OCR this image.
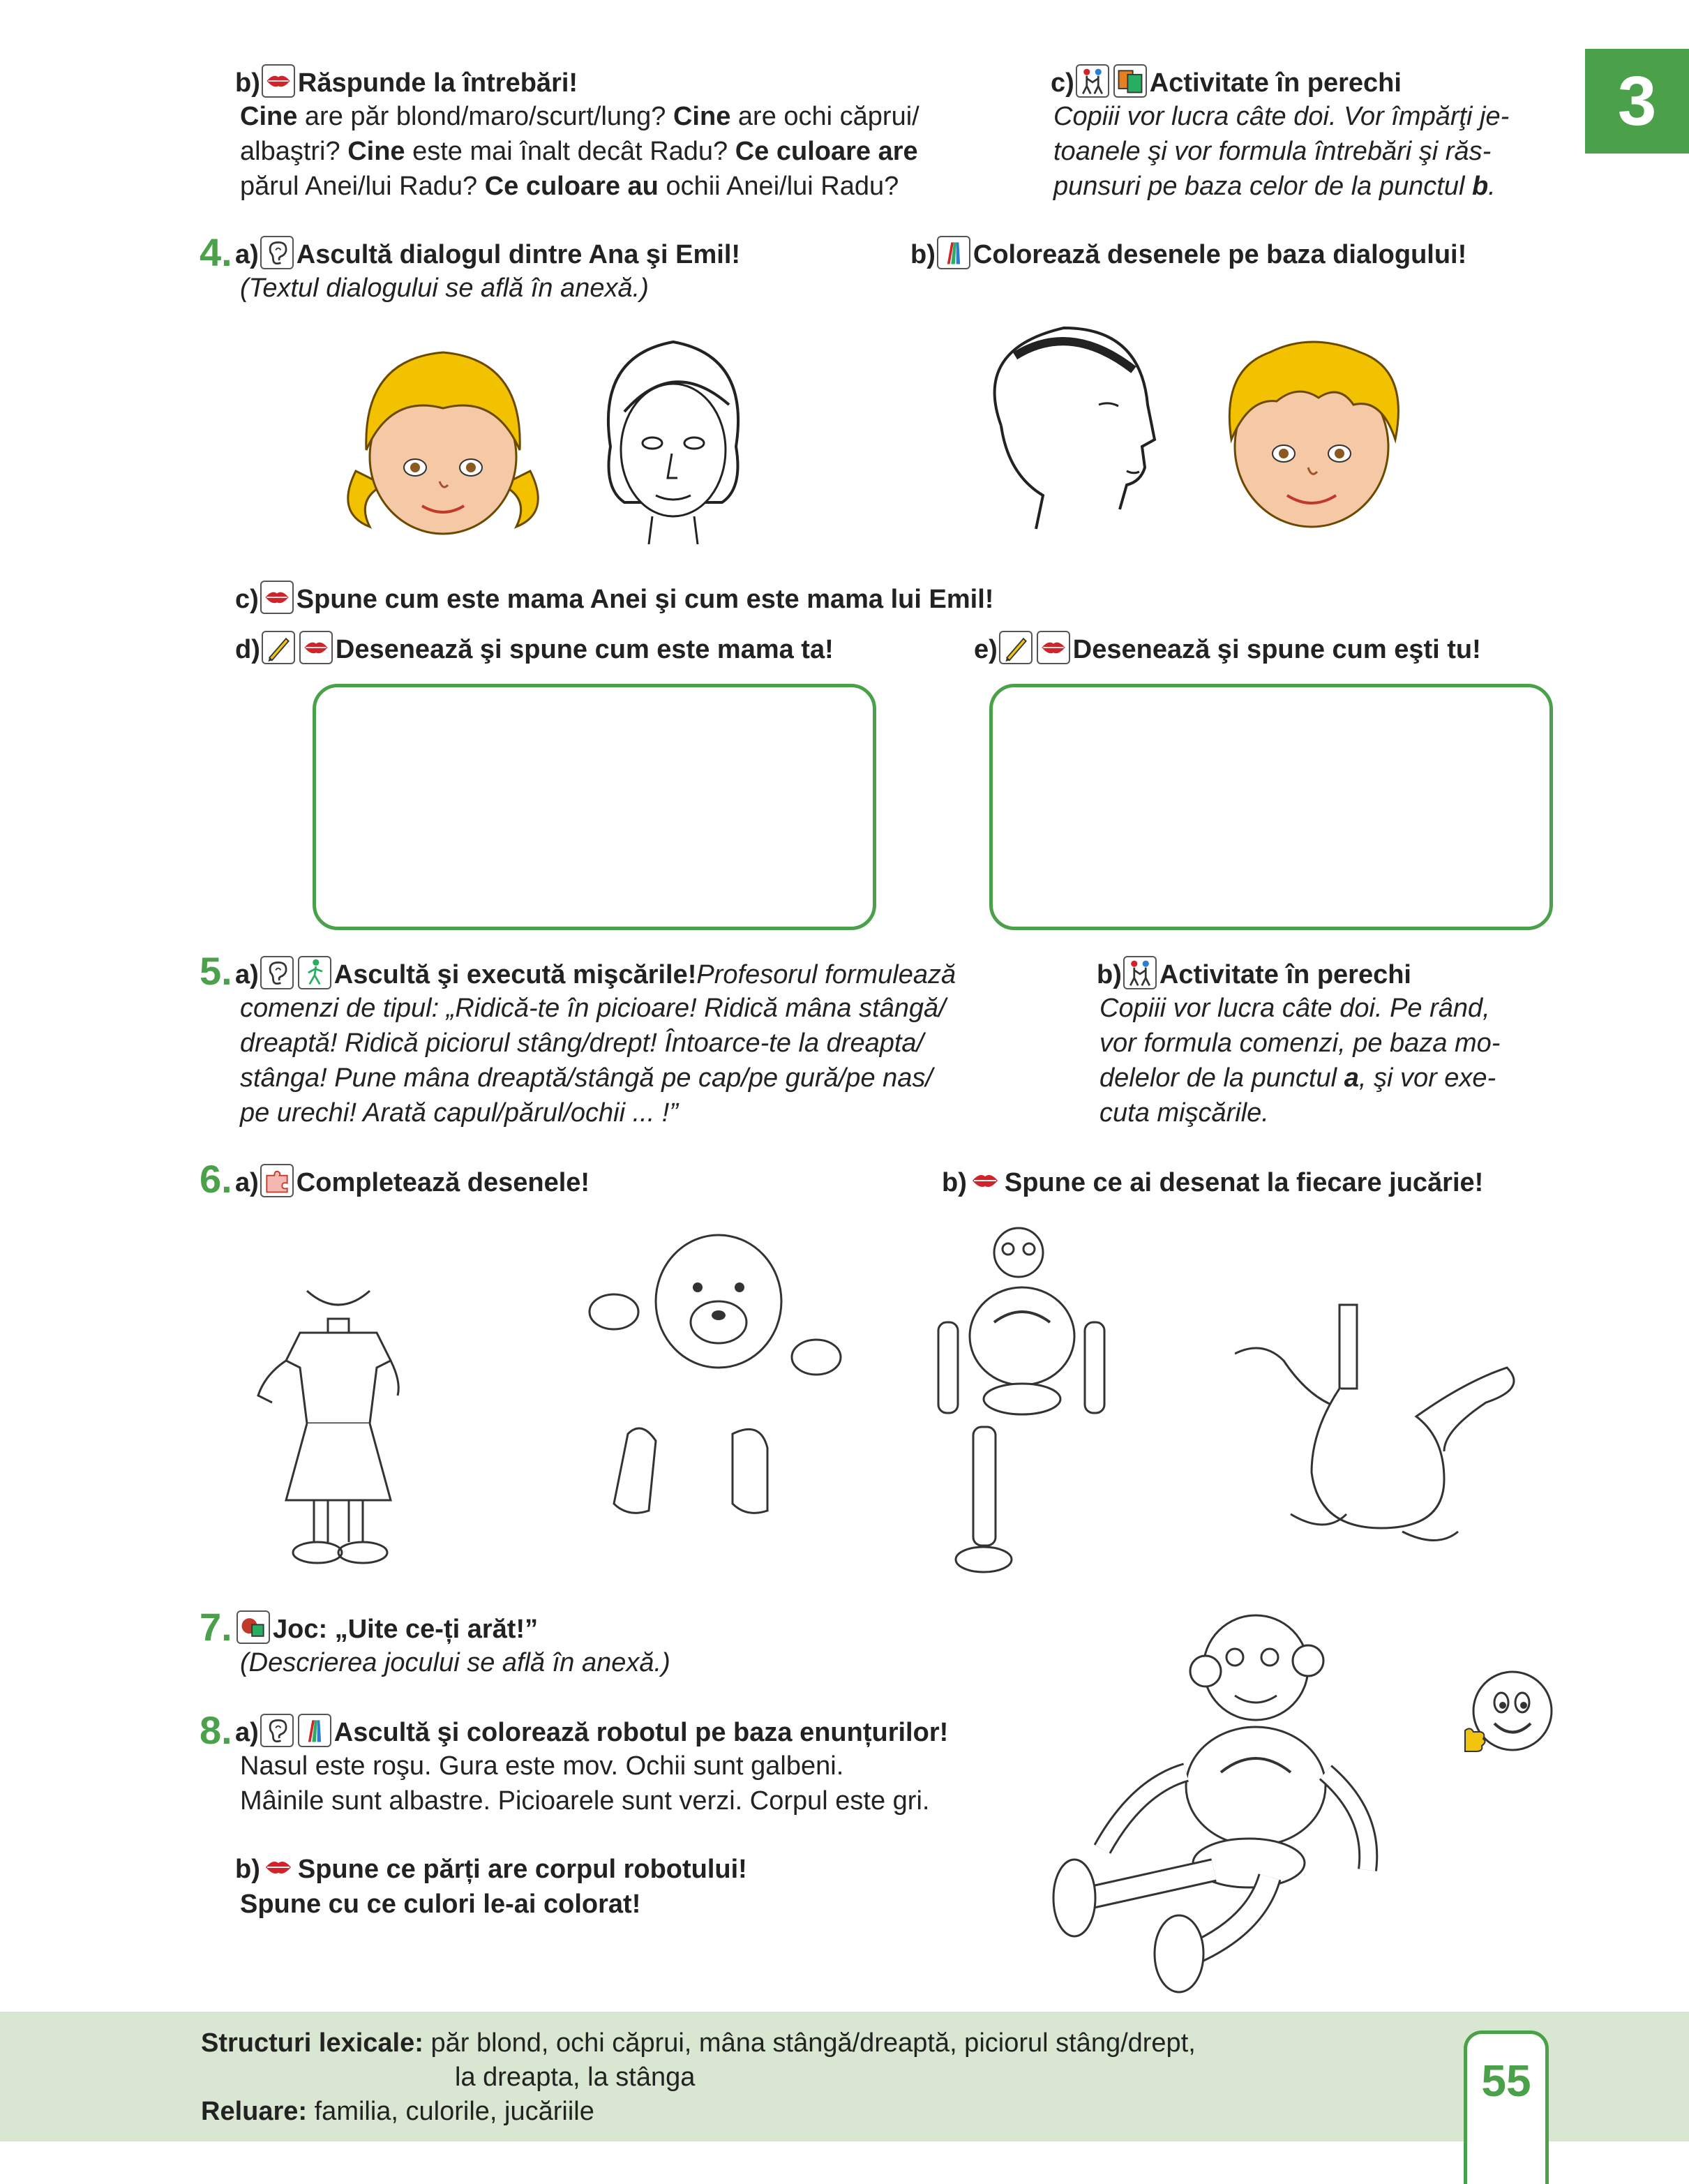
3
b) Răspunde la întrebări!
Cine are păr blond/maro/scurt/lung? Cine are ochi căprui/
albaştri? Cine este mai înalt decât Radu? Ce culoare are
părul Anei/lui Radu? Ce culoare au ochii Anei/lui Radu?
c)	Activitate în perechi
Copiii vor lucra câte doi. Vor împărţi je-
toanele şi vor formula întrebări şi răs-
punsuri pe baza celor de la punctul b.
4. a) Ascultă dialogul dintre Ana şi Emil!
(Textul dialogului se află în anexă.)
b) Colorează desenele pe baza dialogului!
c) Spune cum este mama Anei şi cum este mama lui Emil!
d)	Desenează şi spune cum este mama ta!	e)	Desenează şi spune cum eşti tu!
5. a)	Ascultă şi execută mişcările! Profesorul formulează
comenzi de tipul: „Ridică-te în picioare! Ridică mâna stângă/
dreaptă! Ridică piciorul stâng/drept! Întoarce-te la dreapta/
stânga! Pune mâna dreaptă/stângă pe cap/pe gură/pe nas/
pe urechi! Arată capul/părul/ochii ... !”
b) Activitate în perechi
Copiii vor lucra câte doi. Pe rând,
vor formula comenzi, pe baza mo-
delelor de la punctul a, şi vor exe-
cuta mişcările.
6. a) Completează desenele!	b) Spune ce ai desenat la fiecare jucărie!
7. Joc: „Uite ce-ți arăt!”
(Descrierea jocului se află în anexă.)
8. a)	Ascultă şi colorează robotul pe baza enunțurilor!
Nasul este roşu. Gura este mov. Ochii sunt galbeni.
Mâinile sunt albastre. Picioarele sunt verzi. Corpul este gri.
b) Spune ce părți are corpul robotului!
Spune cu ce culori le-ai colorat!
Structuri lexicale: păr blond, ochi căprui, mâna stângă/dreaptă, piciorul stâng/drept,
la dreapta, la stânga
Reluare: familia, culorile, jucăriile
55
